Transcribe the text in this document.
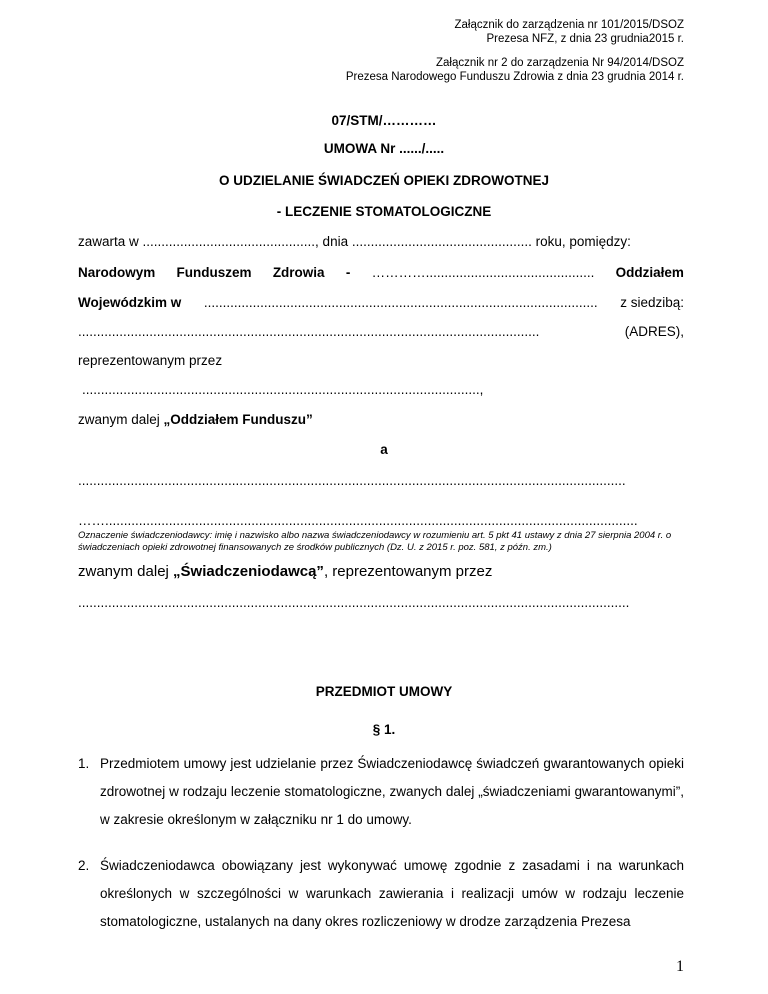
Załącznik do zarządzenia nr 101/2015/DSOZ
Prezesa NFZ, z dnia 23 grudnia2015 r.
Załącznik nr 2 do zarządzenia Nr 94/2014/DSOZ
Prezesa Narodowego Funduszu Zdrowia z dnia 23 grudnia 2014 r.
07/STM/…………
UMOWA Nr ....../.....
O UDZIELANIE ŚWIADCZEŃ OPIEKI ZDROWOTNEJ
- LECZENIE STOMATOLOGICZNE
zawarta w .............................................., dnia ................................................ roku, pomiędzy:
Narodowym Funduszem Zdrowia - …………............................................. Oddziałem
Wojewódzkim w ......................................................................................................... z siedzibą:
...........................................................................................................................	(ADRES),
reprezentowanym przez
..........................................................................................................,
zwanym dalej „Oddziałem Funduszu”
a
..................................................................................................................................................
……..............................................................................................................................................
Oznaczenie świadczeniodawcy: imię i nazwisko albo nazwa świadczeniodawcy w rozumieniu art. 5 pkt 41 ustawy z dnia 27 sierpnia 2004 r. o świadczeniach opieki zdrowotnej finansowanych ze środków publicznych (Dz. U. z 2015 r. poz. 581, z późn. zm.)
zwanym dalej „Świadczeniodawcą”, reprezentowanym przez
...................................................................................................................................................
PRZEDMIOT UMOWY
§ 1.
1. Przedmiotem umowy jest udzielanie przez Świadczeniodawcę świadczeń gwarantowanych opieki zdrowotnej w rodzaju leczenie stomatologiczne, zwanych dalej „świadczeniami gwarantowanymi”, w zakresie określonym w załączniku nr 1 do umowy.
2. Świadczeniodawca obowiązany jest wykonywać umowę zgodnie z zasadami i na warunkach określonych w szczególności w warunkach zawierania i realizacji umów w rodzaju leczenie stomatologiczne, ustalanych na dany okres rozliczeniowy w drodze zarządzenia Prezesa
1
